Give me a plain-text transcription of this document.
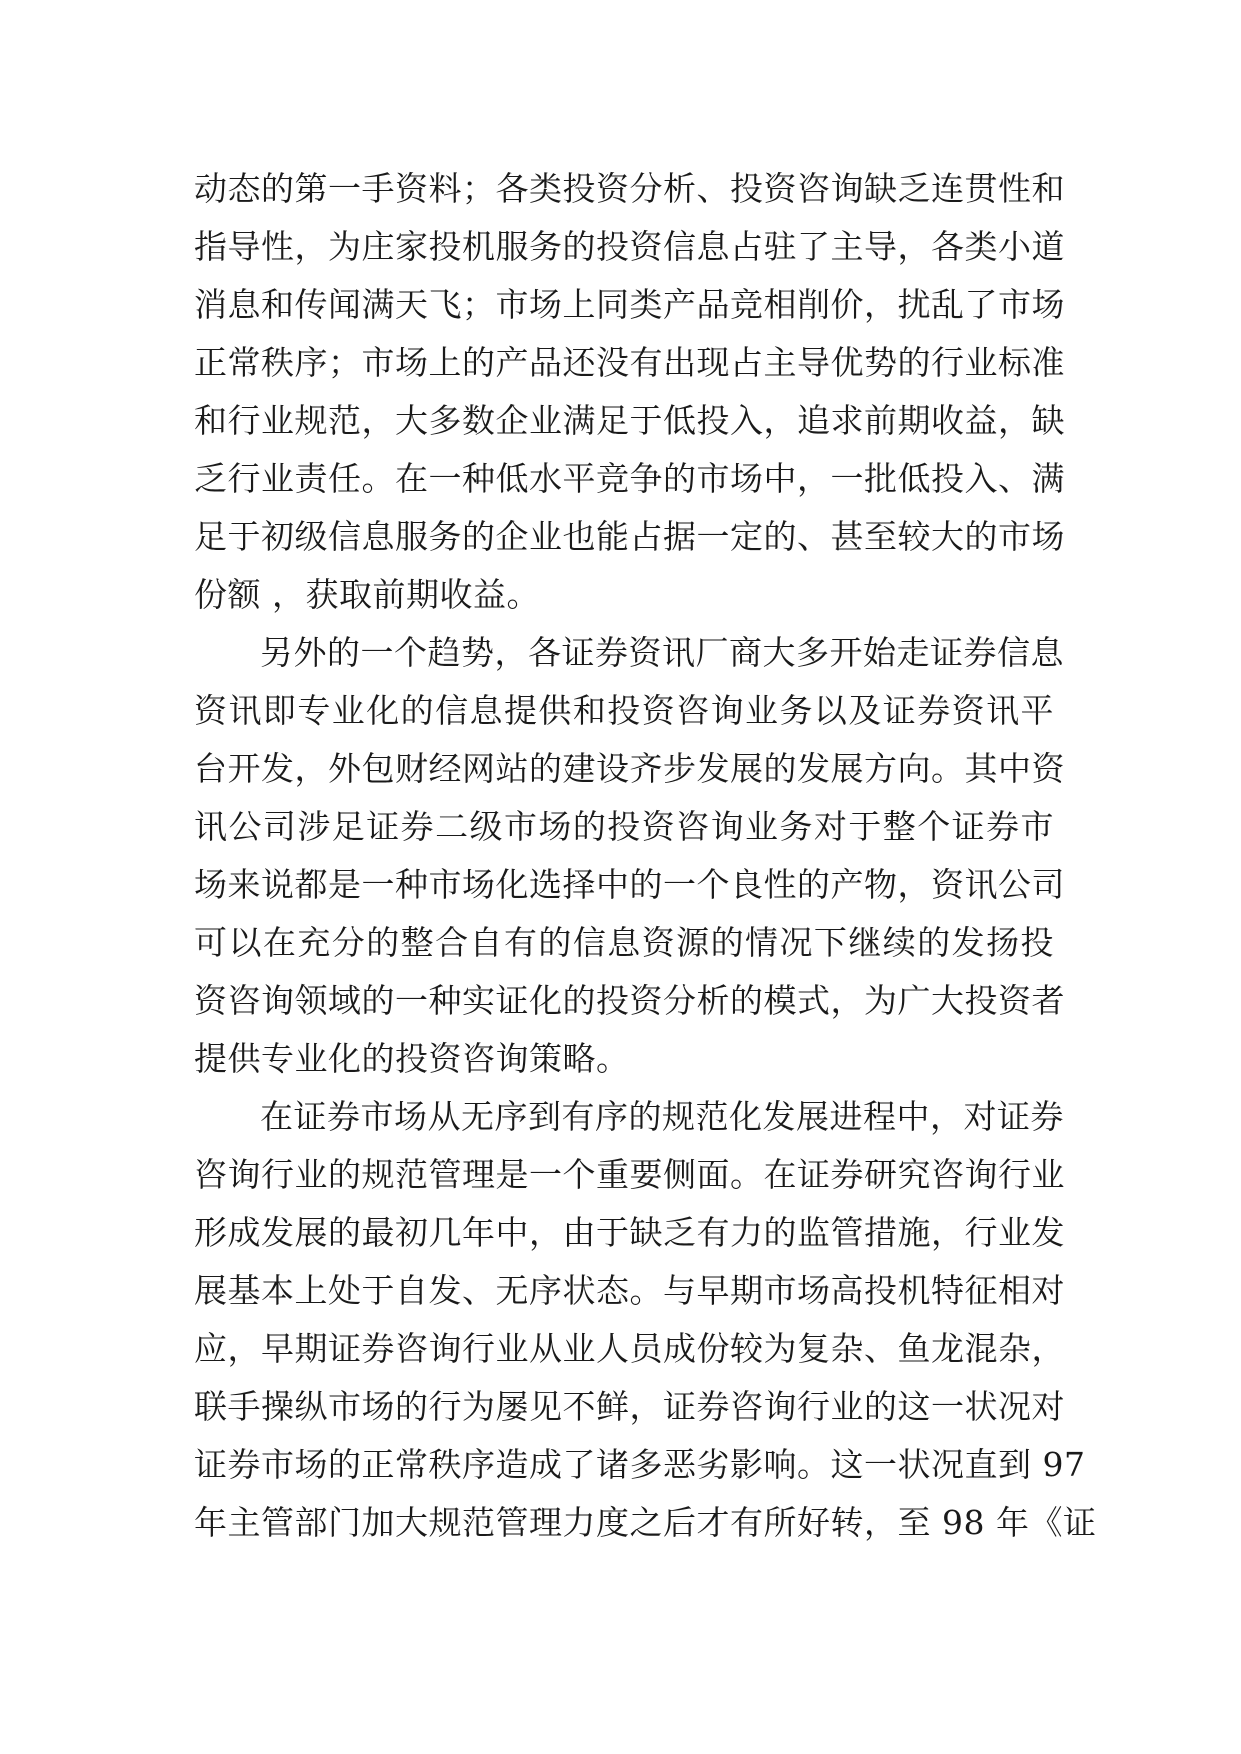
动态的第一手资料；各类投资分析、投资咨询缺乏连贯性和
指导性，为庄家投机服务的投资信息占驻了主导，各类小道
消息和传闻满天飞；市场上同类产品竞相削价，扰乱了市场
正常秩序；市场上的产品还没有出现占主导优势的行业标准
和行业规范，大多数企业满足于低投入，追求前期收益，缺
乏行业责任。在一种低水平竞争的市场中，一批低投入、满
足于初级信息服务的企业也能占据一定的、甚至较大的市场
份额 ，获取前期收益。
另外的一个趋势，各证券资讯厂商大多开始走证券信息
资讯即专业化的信息提供和投资咨询业务以及证券资讯平
台开发，外包财经网站的建设齐步发展的发展方向。其中资
讯公司涉足证券二级市场的投资咨询业务对于整个证券市
场来说都是一种市场化选择中的一个良性的产物，资讯公司
可以在充分的整合自有的信息资源的情况下继续的发扬投
资咨询领域的一种实证化的投资分析的模式，为广大投资者
提供专业化的投资咨询策略。
在证券市场从无序到有序的规范化发展进程中，对证券
咨询行业的规范管理是一个重要侧面。在证券研究咨询行业
形成发展的最初几年中，由于缺乏有力的监管措施，行业发
展基本上处于自发、无序状态。与早期市场高投机特征相对
应，早期证券咨询行业从业人员成份较为复杂、鱼龙混杂，
联手操纵市场的行为屡见不鲜，证券咨询行业的这一状况对
证券市场的正常秩序造成了诸多恶劣影响。这一状况直到 97
年主管部门加大规范管理力度之后才有所好转，至 98 年《证
